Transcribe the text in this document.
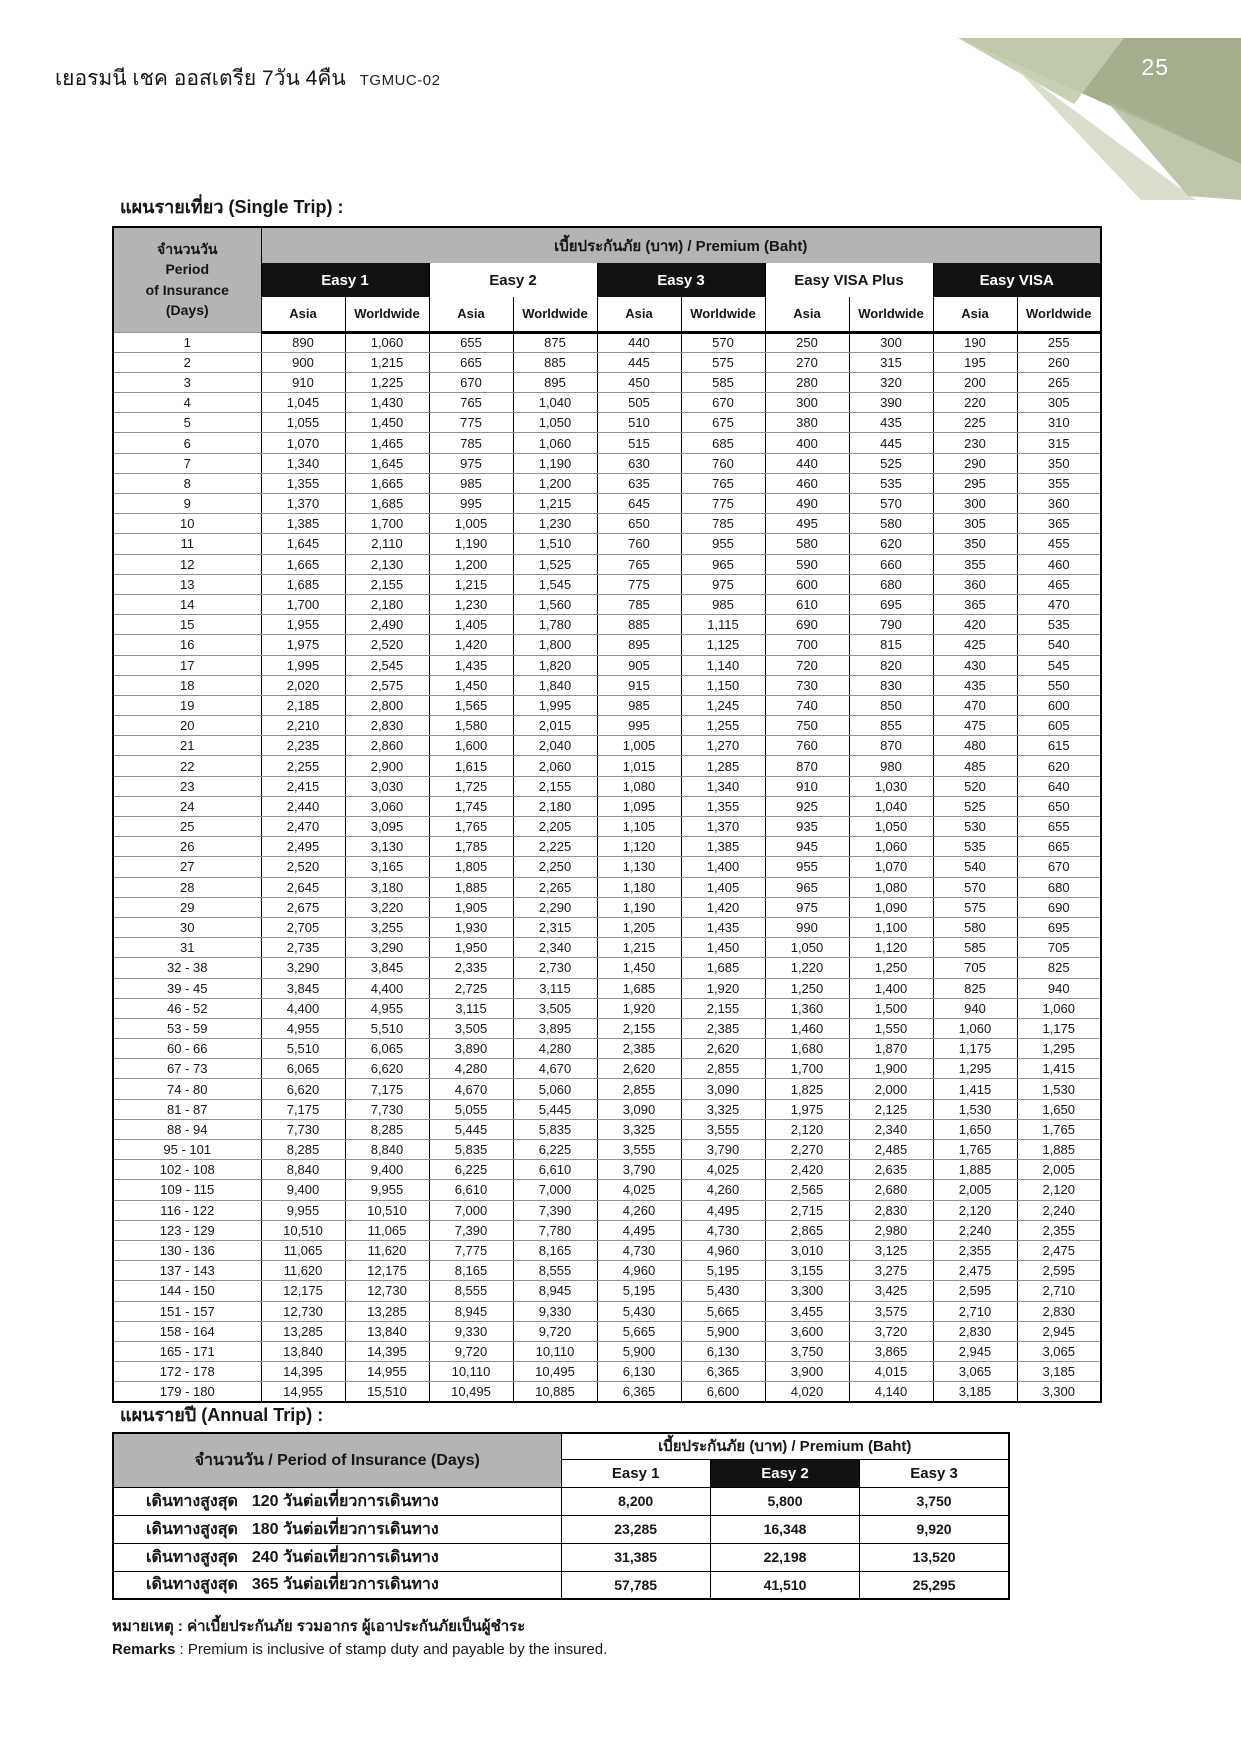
25
เยอรมนี เชค ออสเตรีย 7วัน 4คืน TGMUC-02
แผนรายเที่ยว (Single Trip) :
จำนวนวัน
Period
of Insurance
(Days)	เบี้ยประกันภัย (บาท) / Premium (Baht)									
	Easy 1		Easy 2		Easy 3		Easy VISA Plus		Easy VISA	
	Asia	Worldwide	Asia	Worldwide	Asia	Worldwide	Asia	Worldwide	Asia	Worldwide
1	890	1,060	655	875	440	570	250	300	190	255
2	900	1,215	665	885	445	575	270	315	195	260
3	910	1,225	670	895	450	585	280	320	200	265
4	1,045	1,430	765	1,040	505	670	300	390	220	305
5	1,055	1,450	775	1,050	510	675	380	435	225	310
6	1,070	1,465	785	1,060	515	685	400	445	230	315
7	1,340	1,645	975	1,190	630	760	440	525	290	350
8	1,355	1,665	985	1,200	635	765	460	535	295	355
9	1,370	1,685	995	1,215	645	775	490	570	300	360
10	1,385	1,700	1,005	1,230	650	785	495	580	305	365
11	1,645	2,110	1,190	1,510	760	955	580	620	350	455
12	1,665	2,130	1,200	1,525	765	965	590	660	355	460
13	1,685	2,155	1,215	1,545	775	975	600	680	360	465
14	1,700	2,180	1,230	1,560	785	985	610	695	365	470
15	1,955	2,490	1,405	1,780	885	1,115	690	790	420	535
16	1,975	2,520	1,420	1,800	895	1,125	700	815	425	540
17	1,995	2,545	1,435	1,820	905	1,140	720	820	430	545
18	2,020	2,575	1,450	1,840	915	1,150	730	830	435	550
19	2,185	2,800	1,565	1,995	985	1,245	740	850	470	600
20	2,210	2,830	1,580	2,015	995	1,255	750	855	475	605
21	2,235	2,860	1,600	2,040	1,005	1,270	760	870	480	615
22	2,255	2,900	1,615	2,060	1,015	1,285	870	980	485	620
23	2,415	3,030	1,725	2,155	1,080	1,340	910	1,030	520	640
24	2,440	3,060	1,745	2,180	1,095	1,355	925	1,040	525	650
25	2,470	3,095	1,765	2,205	1,105	1,370	935	1,050	530	655
26	2,495	3,130	1,785	2,225	1,120	1,385	945	1,060	535	665
27	2,520	3,165	1,805	2,250	1,130	1,400	955	1,070	540	670
28	2,645	3,180	1,885	2,265	1,180	1,405	965	1,080	570	680
29	2,675	3,220	1,905	2,290	1,190	1,420	975	1,090	575	690
30	2,705	3,255	1,930	2,315	1,205	1,435	990	1,100	580	695
31	2,735	3,290	1,950	2,340	1,215	1,450	1,050	1,120	585	705
32 - 38	3,290	3,845	2,335	2,730	1,450	1,685	1,220	1,250	705	825
39 - 45	3,845	4,400	2,725	3,115	1,685	1,920	1,250	1,400	825	940
46 - 52	4,400	4,955	3,115	3,505	1,920	2,155	1,360	1,500	940	1,060
53 - 59	4,955	5,510	3,505	3,895	2,155	2,385	1,460	1,550	1,060	1,175
60 - 66	5,510	6,065	3,890	4,280	2,385	2,620	1,680	1,870	1,175	1,295
67 - 73	6,065	6,620	4,280	4,670	2,620	2,855	1,700	1,900	1,295	1,415
74 - 80	6,620	7,175	4,670	5,060	2,855	3,090	1,825	2,000	1,415	1,530
81 - 87	7,175	7,730	5,055	5,445	3,090	3,325	1,975	2,125	1,530	1,650
88 - 94	7,730	8,285	5,445	5,835	3,325	3,555	2,120	2,340	1,650	1,765
95 - 101	8,285	8,840	5,835	6,225	3,555	3,790	2,270	2,485	1,765	1,885
102 - 108	8,840	9,400	6,225	6,610	3,790	4,025	2,420	2,635	1,885	2,005
109 - 115	9,400	9,955	6,610	7,000	4,025	4,260	2,565	2,680	2,005	2,120
116 - 122	9,955	10,510	7,000	7,390	4,260	4,495	2,715	2,830	2,120	2,240
123 - 129	10,510	11,065	7,390	7,780	4,495	4,730	2,865	2,980	2,240	2,355
130 - 136	11,065	11,620	7,775	8,165	4,730	4,960	3,010	3,125	2,355	2,475
137 - 143	11,620	12,175	8,165	8,555	4,960	5,195	3,155	3,275	2,475	2,595
144 - 150	12,175	12,730	8,555	8,945	5,195	5,430	3,300	3,425	2,595	2,710
151 - 157	12,730	13,285	8,945	9,330	5,430	5,665	3,455	3,575	2,710	2,830
158 - 164	13,285	13,840	9,330	9,720	5,665	5,900	3,600	3,720	2,830	2,945
165 - 171	13,840	14,395	9,720	10,110	5,900	6,130	3,750	3,865	2,945	3,065
172 - 178	14,395	14,955	10,110	10,495	6,130	6,365	3,900	4,015	3,065	3,185
179 - 180	14,955	15,510	10,495	10,885	6,365	6,600	4,020	4,140	3,185	3,300
แผนรายปี (Annual Trip) :
จำนวนวัน / Period of Insurance (Days)	เบี้ยประกันภัย (บาท) / Premium (Baht)		
	Easy 1	Easy 2	Easy 3
เดินทางสูงสุด 120 วันต่อเที่ยวการเดินทาง	8,200	5,800	3,750
เดินทางสูงสุด 180 วันต่อเที่ยวการเดินทาง	23,285	16,348	9,920
เดินทางสูงสุด 240 วันต่อเที่ยวการเดินทาง	31,385	22,198	13,520
เดินทางสูงสุด 365 วันต่อเที่ยวการเดินทาง	57,785	41,510	25,295
หมายเหตุ : ค่าเบี้ยประกันภัย รวมอากร ผู้เอาประกันภัยเป็นผู้ชำระ
Remarks : Premium is inclusive of stamp duty and payable by the insured.
